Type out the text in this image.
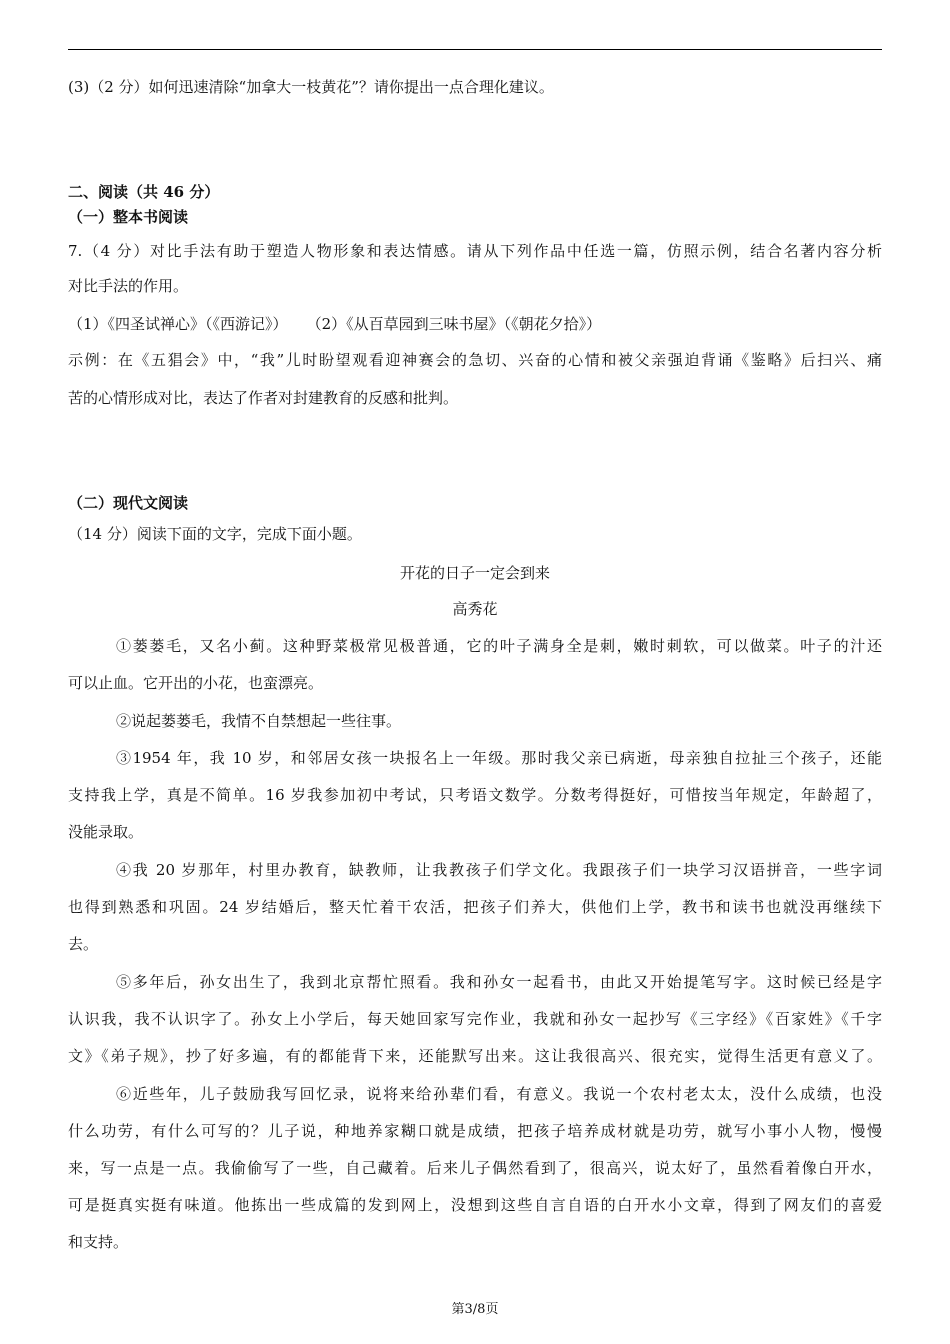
(3)（2 分）如何迅速清除“加拿大一枝黄花”？请你提出一点合理化建议。
二、阅读（共 46 分）
（一）整本书阅读
7.（4 分）对比手法有助于塑造人物形象和表达情感。请从下列作品中任选一篇，仿照示例，结合名著内容分析
对比手法的作用。
（1）《四圣试禅心》（《西游记》）    （2）《从百草园到三味书屋》（《朝花夕拾》）
示例：在《五猖会》中，“我”儿时盼望观看迎神赛会的急切、兴奋的心情和被父亲强迫背诵《鉴略》后扫兴、痛
苦的心情形成对比，表达了作者对封建教育的反感和批判。
（二）现代文阅读
（14 分）阅读下面的文字，完成下面小题。
开花的日子一定会到来
高秀花
①蒌蒌毛，又名小蓟。这种野菜极常见极普通，它的叶子满身全是刺，嫩时刺软，可以做菜。叶子的汁还
可以止血。它开出的小花，也蛮漂亮。
②说起蒌蒌毛，我情不自禁想起一些往事。
③1954 年，我 10 岁，和邻居女孩一块报名上一年级。那时我父亲已病逝，母亲独自拉扯三个孩子，还能
支持我上学，真是不简单。16 岁我参加初中考试，只考语文数学。分数考得挺好，可惜按当年规定，年龄超了，
没能录取。
④我 20 岁那年，村里办教育，缺教师，让我教孩子们学文化。我跟孩子们一块学习汉语拼音，一些字词
也得到熟悉和巩固。24 岁结婚后，整天忙着干农活，把孩子们养大，供他们上学，教书和读书也就没再继续下
去。
⑤多年后，孙女出生了，我到北京帮忙照看。我和孙女一起看书，由此又开始提笔写字。这时候已经是字
认识我，我不认识字了。孙女上小学后，每天她回家写完作业，我就和孙女一起抄写《三字经》《百家姓》《千字
文》《弟子规》，抄了好多遍，有的都能背下来，还能默写出来。这让我很高兴、很充实，觉得生活更有意义了。
⑥近些年，儿子鼓励我写回忆录，说将来给孙辈们看，有意义。我说一个农村老太太，没什么成绩，也没
什么功劳，有什么可写的？儿子说，种地养家糊口就是成绩，把孩子培养成材就是功劳，就写小事小人物，慢慢
来，写一点是一点。我偷偷写了一些，自己藏着。后来儿子偶然看到了，很高兴，说太好了，虽然看着像白开水，
可是挺真实挺有味道。他拣出一些成篇的发到网上，没想到这些自言自语的白开水小文章，得到了网友们的喜爱
和支持。
第3/8页
